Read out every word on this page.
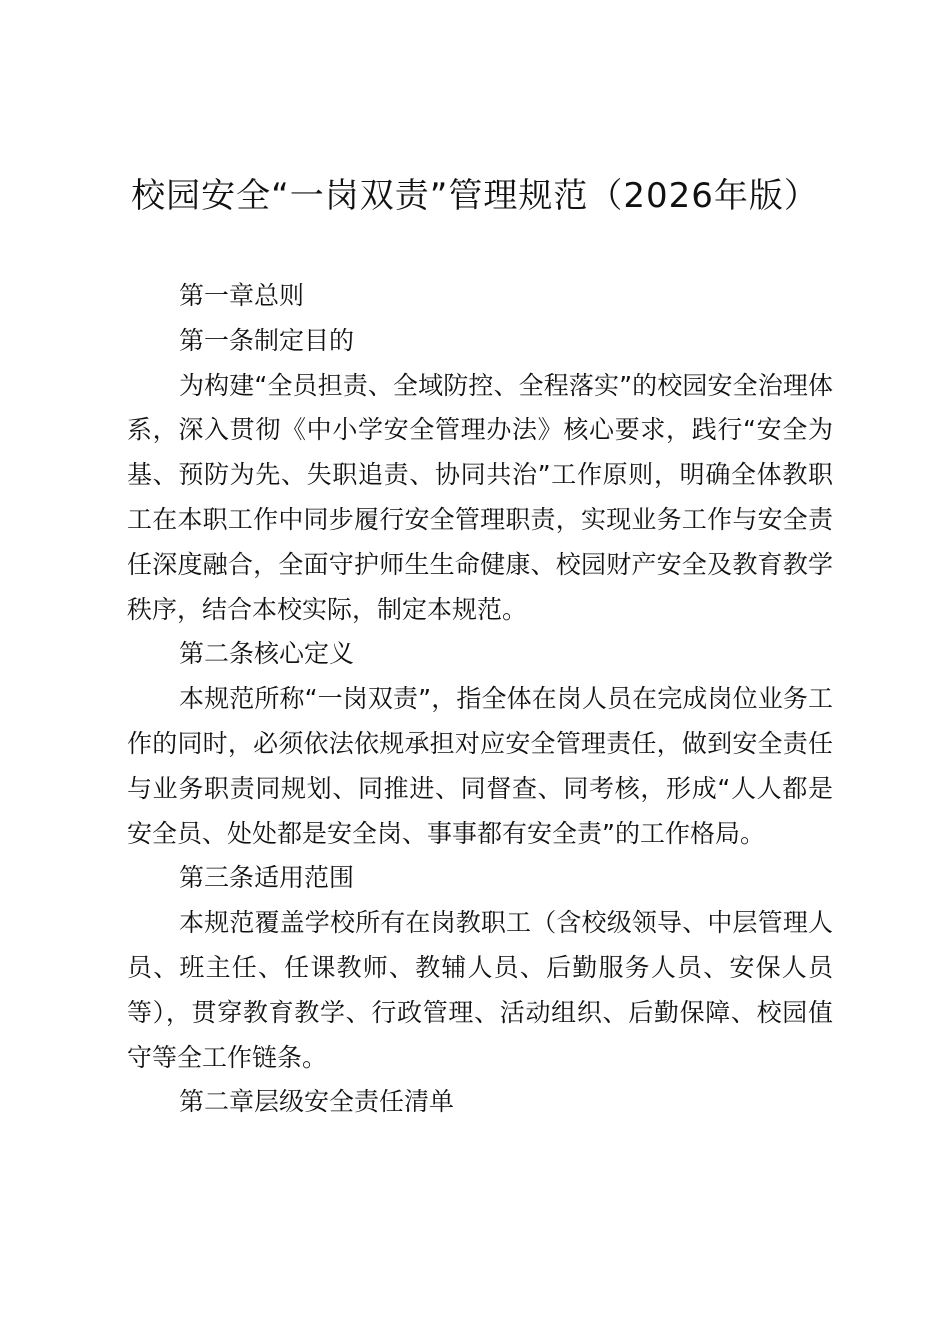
校园安全“一岗双责”管理规范（2026年版）

第一章总则

第一条制定目的

为构建“全员担责、全域防控、全程落实”的校园安全治理体系，深入贯彻《中小学安全管理办法》核心要求，践行“安全为基、预防为先、失职追责、协同共治”工作原则，明确全体教职工在本职工作中同步履行安全管理职责，实现业务工作与安全责任深度融合，全面守护师生生命健康、校园财产安全及教育教学秩序，结合本校实际，制定本规范。

第二条核心定义

本规范所称“一岗双责”，指全体在岗人员在完成岗位业务工作的同时，必须依法依规承担对应安全管理责任，做到安全责任与业务职责同规划、同推进、同督查、同考核，形成“人人都是安全员、处处都是安全岗、事事都有安全责”的工作格局。

第三条适用范围

本规范覆盖学校所有在岗教职工（含校级领导、中层管理人员、班主任、任课教师、教辅人员、后勤服务人员、安保人员等），贯穿教育教学、行政管理、活动组织、后勤保障、校园值守等全工作链条。

第二章层级安全责任清单
